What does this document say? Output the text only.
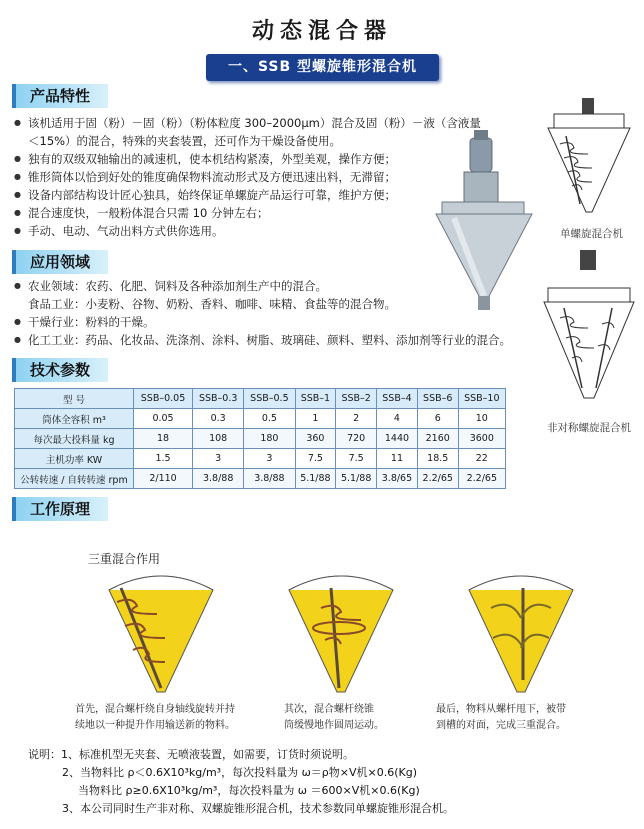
动态混合器
一、SSB 型螺旋锥形混合机
产品特性
● 该机适用于固（粉）－固（粉）（粉体粒度 300–2000μm）混合及固（粉）－液（含液量
＜15%）的混合，特殊的夹套装置，还可作为干燥设备使用。
● 独有的双级双轴输出的减速机，使本机结构紧凑，外型美观，操作方便；
● 锥形筒体以恰到好处的锥度确保物料流动形式及方便迅速出料，无滞留；
● 设备内部结构设计匠心独具，始终保证单螺旋产品运行可靠，维护方便；
● 混合速度快，一般粉体混合只需 10 分钟左右；
● 手动、电动、气动出料方式供你选用。
应用领域
● 农业领域：农药、化肥、饲料及各种添加剂生产中的混合。
食品工业：小麦粉、谷物、奶粉、香料、咖啡、味精、食盐等的混合物。
● 干燥行业：粉料的干燥。
● 化工工业：药品、化妆品、洗涤剂、涂料、树脂、玻璃硅、颜料、塑料、添加剂等行业的混合。
技术参数
型 号	SSB–0.05	SSB–0.3	SSB–0.5	SSB–1	SSB–2	SSB–4	SSB–6	SSB–10
筒体全容积 m³	0.05	0.3	0.5	1	2	4	6	10
每次最大投料量 kg	18	108	180	360	720	1440	2160	3600
主机功率 KW	1.5	3	3	7.5	7.5	11	18.5	22
公转转速 / 自转转速 rpm	2/110	3.8/88	3.8/88	5.1/88	5.1/88	3.8/65	2.2/65	2.2/65
单螺旋混合机
非对称螺旋混合机
工作原理
三重混合作用
首先，混合螺杆绕自身轴线旋转并持
续地以一种提升作用输送新的物料。
其次，混合螺杆绕锥
筒缓慢地作圆周运动。
最后，物料从螺杆甩下，被带
到槽的对面，完成三重混合。
说明：1、标准机型无夹套、无喷液装置，如需要，订货时须说明。
2、当物料比 ρ＜0.6X10³kg/m³，每次投料量为 ω＝ρ物×V机×0.6(Kg)
当物料比 ρ≥0.6X10³kg/m³，每次投料量为 ω ＝600×V机×0.6(Kg)
3、本公司同时生产非对称、双螺旋锥形混合机，技术参数同单螺旋锥形混合机。
